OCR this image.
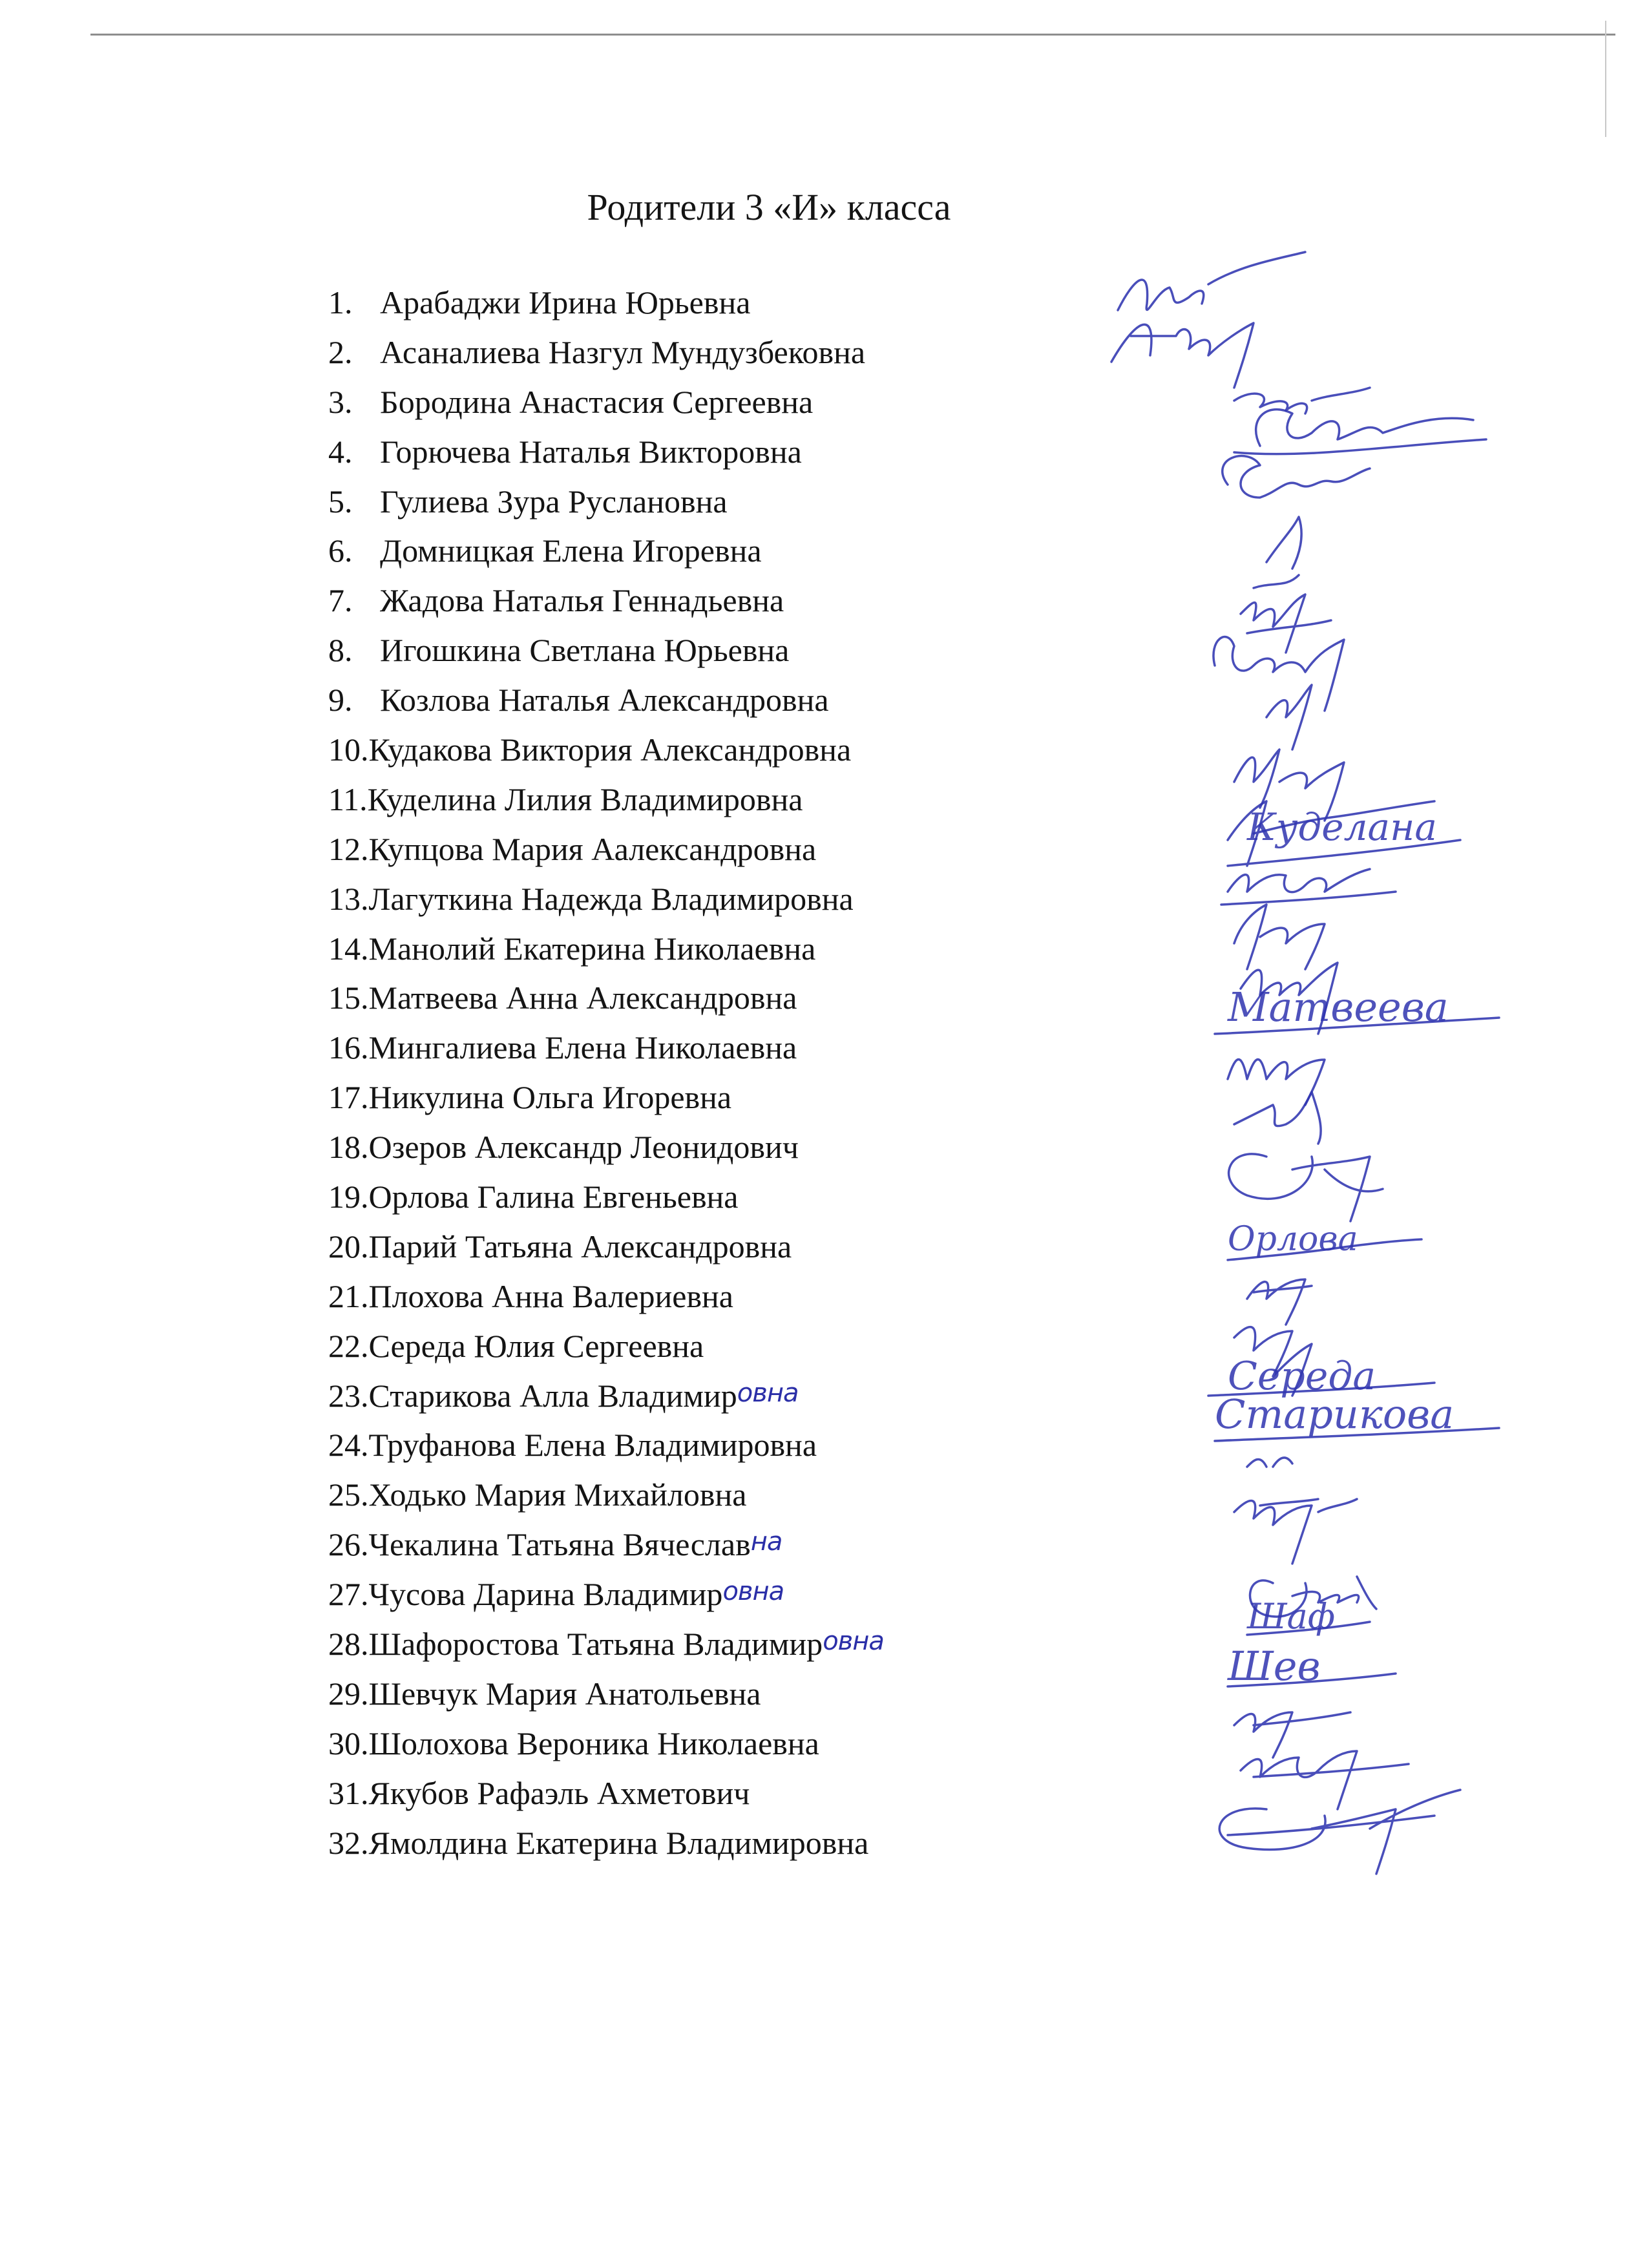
Родители 3 «И» класса
1. Арабаджи Ирина Юрьевна
2. Асаналиева Назгул Мундузбековна
3. Бородина Анастасия Сергеевна
4. Горючева Наталья Викторовна
5. Гулиева Зура Руслановна
6. Домницкая Елена Игоревна
7. Жадова Наталья Геннадьевна
8. Игошкина Светлана Юрьевна
9. Козлова Наталья Александровна
10. Кудакова Виктория Александровна
11. Куделина Лилия Владимировна
12. Купцова Мария Аалександровна
13. Лагуткина Надежда Владимировна
14. Манолий Екатерина Николаевна
15. Матвеева Анна Александровна
16. Мингалиева Елена Николаевна
17. Никулина Ольга Игоревна
18. Озеров Александр Леонидович
19. Орлова Галина Евгеньевна
20. Парий Татьяна Александровна
21. Плохова Анна Валериевна
22. Середа Юлия Сергеевна
23. Старикова Алла Владимир овна
24. Труфанова Елена Владимировна
25. Ходько Мария Михайловна
26. Чекалина Татьяна Вячеслав на
27. Чусова Дарина Владимир овна
28. Шафоростова Татьяна Владимир овна
29. Шевчук Мария Анатольевна
30. Шолохова Вероника Николаевна
31. Якубов Рафаэль Ахметович
32. Ямолдина Екатерина Владимировна
Куделана
Матвеева
Орлова
Середа
Старикова
Шаф
Шев
